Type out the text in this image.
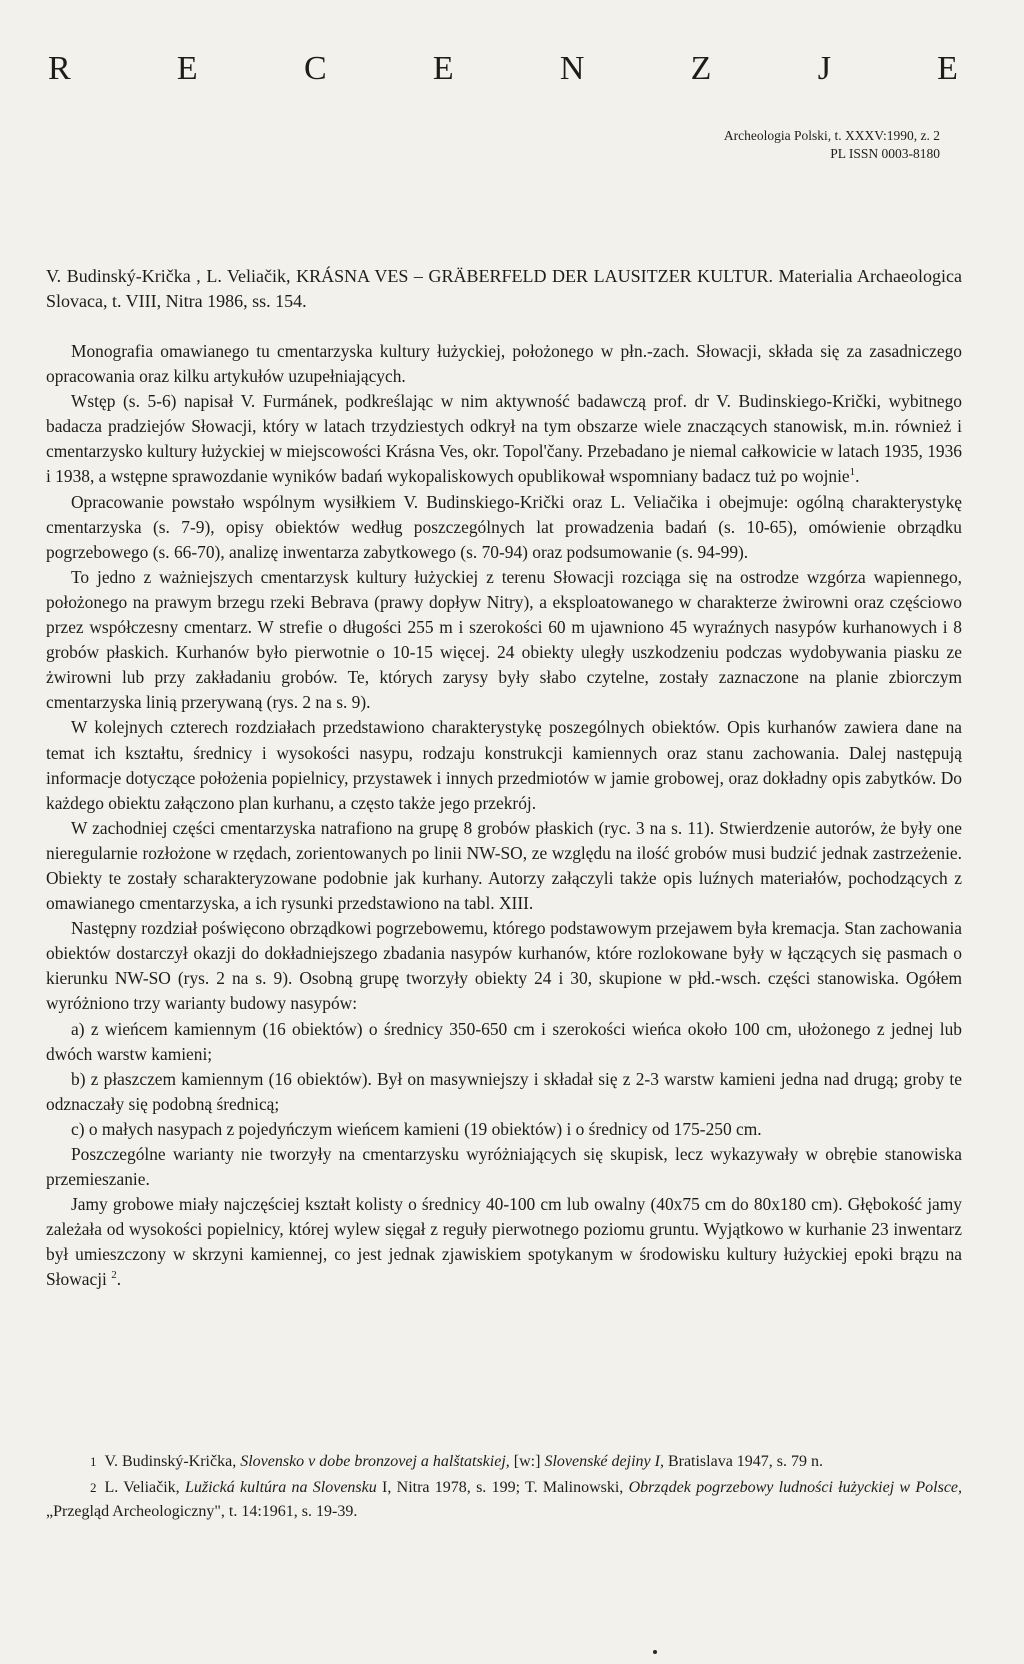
R	E	C	E	N	Z	J	E
Archeologia Polski, t. XXXV:1990, z. 2
PL ISSN 0003-8180
V. Budinský-Krička , L. Veliačik, KRÁSNA VES – GRÄBERFELD DER LAUSITZER KULTUR. Materialia Archaeologica Slovaca, t. VIII, Nitra 1986, ss. 154.

Monografia omawianego tu cmentarzyska kultury łużyckiej, położonego w płn.-zach. Słowacji, składa się za zasadniczego opracowania oraz kilku artykułów uzupełniających.

Wstęp (s. 5-6) napisał V. Furmánek, podkreślając w nim aktywność badawczą prof. dr V. Budinskiego-Krički, wybitnego badacza pradziejów Słowacji, który w latach trzydziestych odkrył na tym obszarze wiele znaczących stanowisk, m.in. również i cmentarzysko kultury łużyckiej w miejscowości Krásna Ves, okr. Topol'čany. Przebadano je niemal całkowicie w latach 1935, 1936 i 1938, a wstępne sprawozdanie wyników badań wykopaliskowych opublikował wspomniany badacz tuż po wojnie$^1$.

Opracowanie powstało wspólnym wysiłkiem V. Budinskiego-Krički oraz L. Veliačika i obejmuje: ogólną charakterystykę cmentarzyska (s. 7-9), opisy obiektów według poszczególnych lat prowadzenia badań (s. 10-65), omówienie obrządku pogrzebowego (s. 66-70), analizę inwentarza zabytkowego (s. 70-94) oraz podsumowanie (s. 94-99).

To jedno z ważniejszych cmentarzysk kultury łużyckiej z terenu Słowacji rozciąga się na ostrodze wzgórza wapiennego, położonego na prawym brzegu rzeki Bebrava (prawy dopływ Nitry), a eksploatowanego w charakterze żwirowni oraz częściowo przez współczesny cmentarz. W strefie o długości 255 m i szerokości 60 m ujawniono 45 wyraźnych nasypów kurhanowych i 8 grobów płaskich. Kurhanów było pierwotnie o 10-15 więcej. 24 obiekty uległy uszkodzeniu podczas wydobywania piasku ze żwirowni lub przy zakładaniu grobów. Te, których zarysy były słabo czytelne, zostały zaznaczone na planie zbiorczym cmentarzyska linią przerywaną (rys. 2 na s. 9).

W kolejnych czterech rozdziałach przedstawiono charakterystykę poszególnych obiektów. Opis kurhanów zawiera dane na temat ich kształtu, średnicy i wysokości nasypu, rodzaju konstrukcji kamiennych oraz stanu zachowania. Dalej następują informacje dotyczące położenia popielnicy, przystawek i innych przedmiotów w jamie grobowej, oraz dokładny opis zabytków. Do każdego obiektu załączono plan kurhanu, a często także jego przekrój.

W zachodniej części cmentarzyska natrafiono na grupę 8 grobów płaskich (ryc. 3 na s. 11). Stwierdzenie autorów, że były one nieregularnie rozłożone w rzędach, zorientowanych po linii NW-SO, ze względu na ilość grobów musi budzić jednak zastrzeżenie. Obiekty te zostały scharakteryzowane podobnie jak kurhany. Autorzy załączyli także opis luźnych materiałów, pochodzących z omawianego cmentarzyska, a ich rysunki przedstawiono na tabl. XIII.

Następny rozdział poświęcono obrządkowi pogrzebowemu, którego podstawowym przejawem była kremacja. Stan zachowania obiektów dostarczył okazji do dokładniejszego zbadania nasypów kurhanów, które rozlokowane były w łączących się pasmach o kierunku NW-SO (rys. 2 na s. 9). Osobną grupę tworzyły obiekty 24 i 30, skupione w płd.-wsch. części stanowiska. Ogółem wyróżniono trzy warianty budowy nasypów:

a) z wieńcem kamiennym (16 obiektów) o średnicy 350-650 cm i szerokości wieńca około 100 cm, ułożonego z jednej lub dwóch warstw kamieni;

b) z płaszczem kamiennym (16 obiektów). Był on masywniejszy i składał się z 2-3 warstw kamieni jedna nad drugą; groby te odznaczały się podobną średnicą;

c) o małych nasypach z pojedyńczym wieńcem kamieni (19 obiektów) i o średnicy od 175-250 cm.

Poszczególne warianty nie tworzyły na cmentarzysku wyróżniających się skupisk, lecz wykazywały w obrębie stanowiska przemieszanie.

Jamy grobowe miały najczęściej kształt kolisty o średnicy 40-100 cm lub owalny (40x75 cm do 80x180 cm). Głębokość jamy zależała od wysokości popielnicy, której wylew sięgał z reguły pierwotnego poziomu gruntu. Wyjątkowo w kurhanie 23 inwentarz był umieszczony w skrzyni kamiennej, co jest jednak zjawiskiem spotykanym w środowisku kultury łużyckiej epoki brązu na Słowacji $^2$.

1 V. Budinský-Krička, Slovensko v dobe bronzovej a halštatskiej, [w:] Slovenské dejiny I, Bratislava 1947, s. 79 n.

2 L. Veliačik, Lužická kultúra na Slovensku I, Nitra 1978, s. 199; T. Malinowski, Obrządek pogrzebowy ludności łużyckiej w Polsce, „Przegląd Archeologiczny", t. 14:1961, s. 19-39.
